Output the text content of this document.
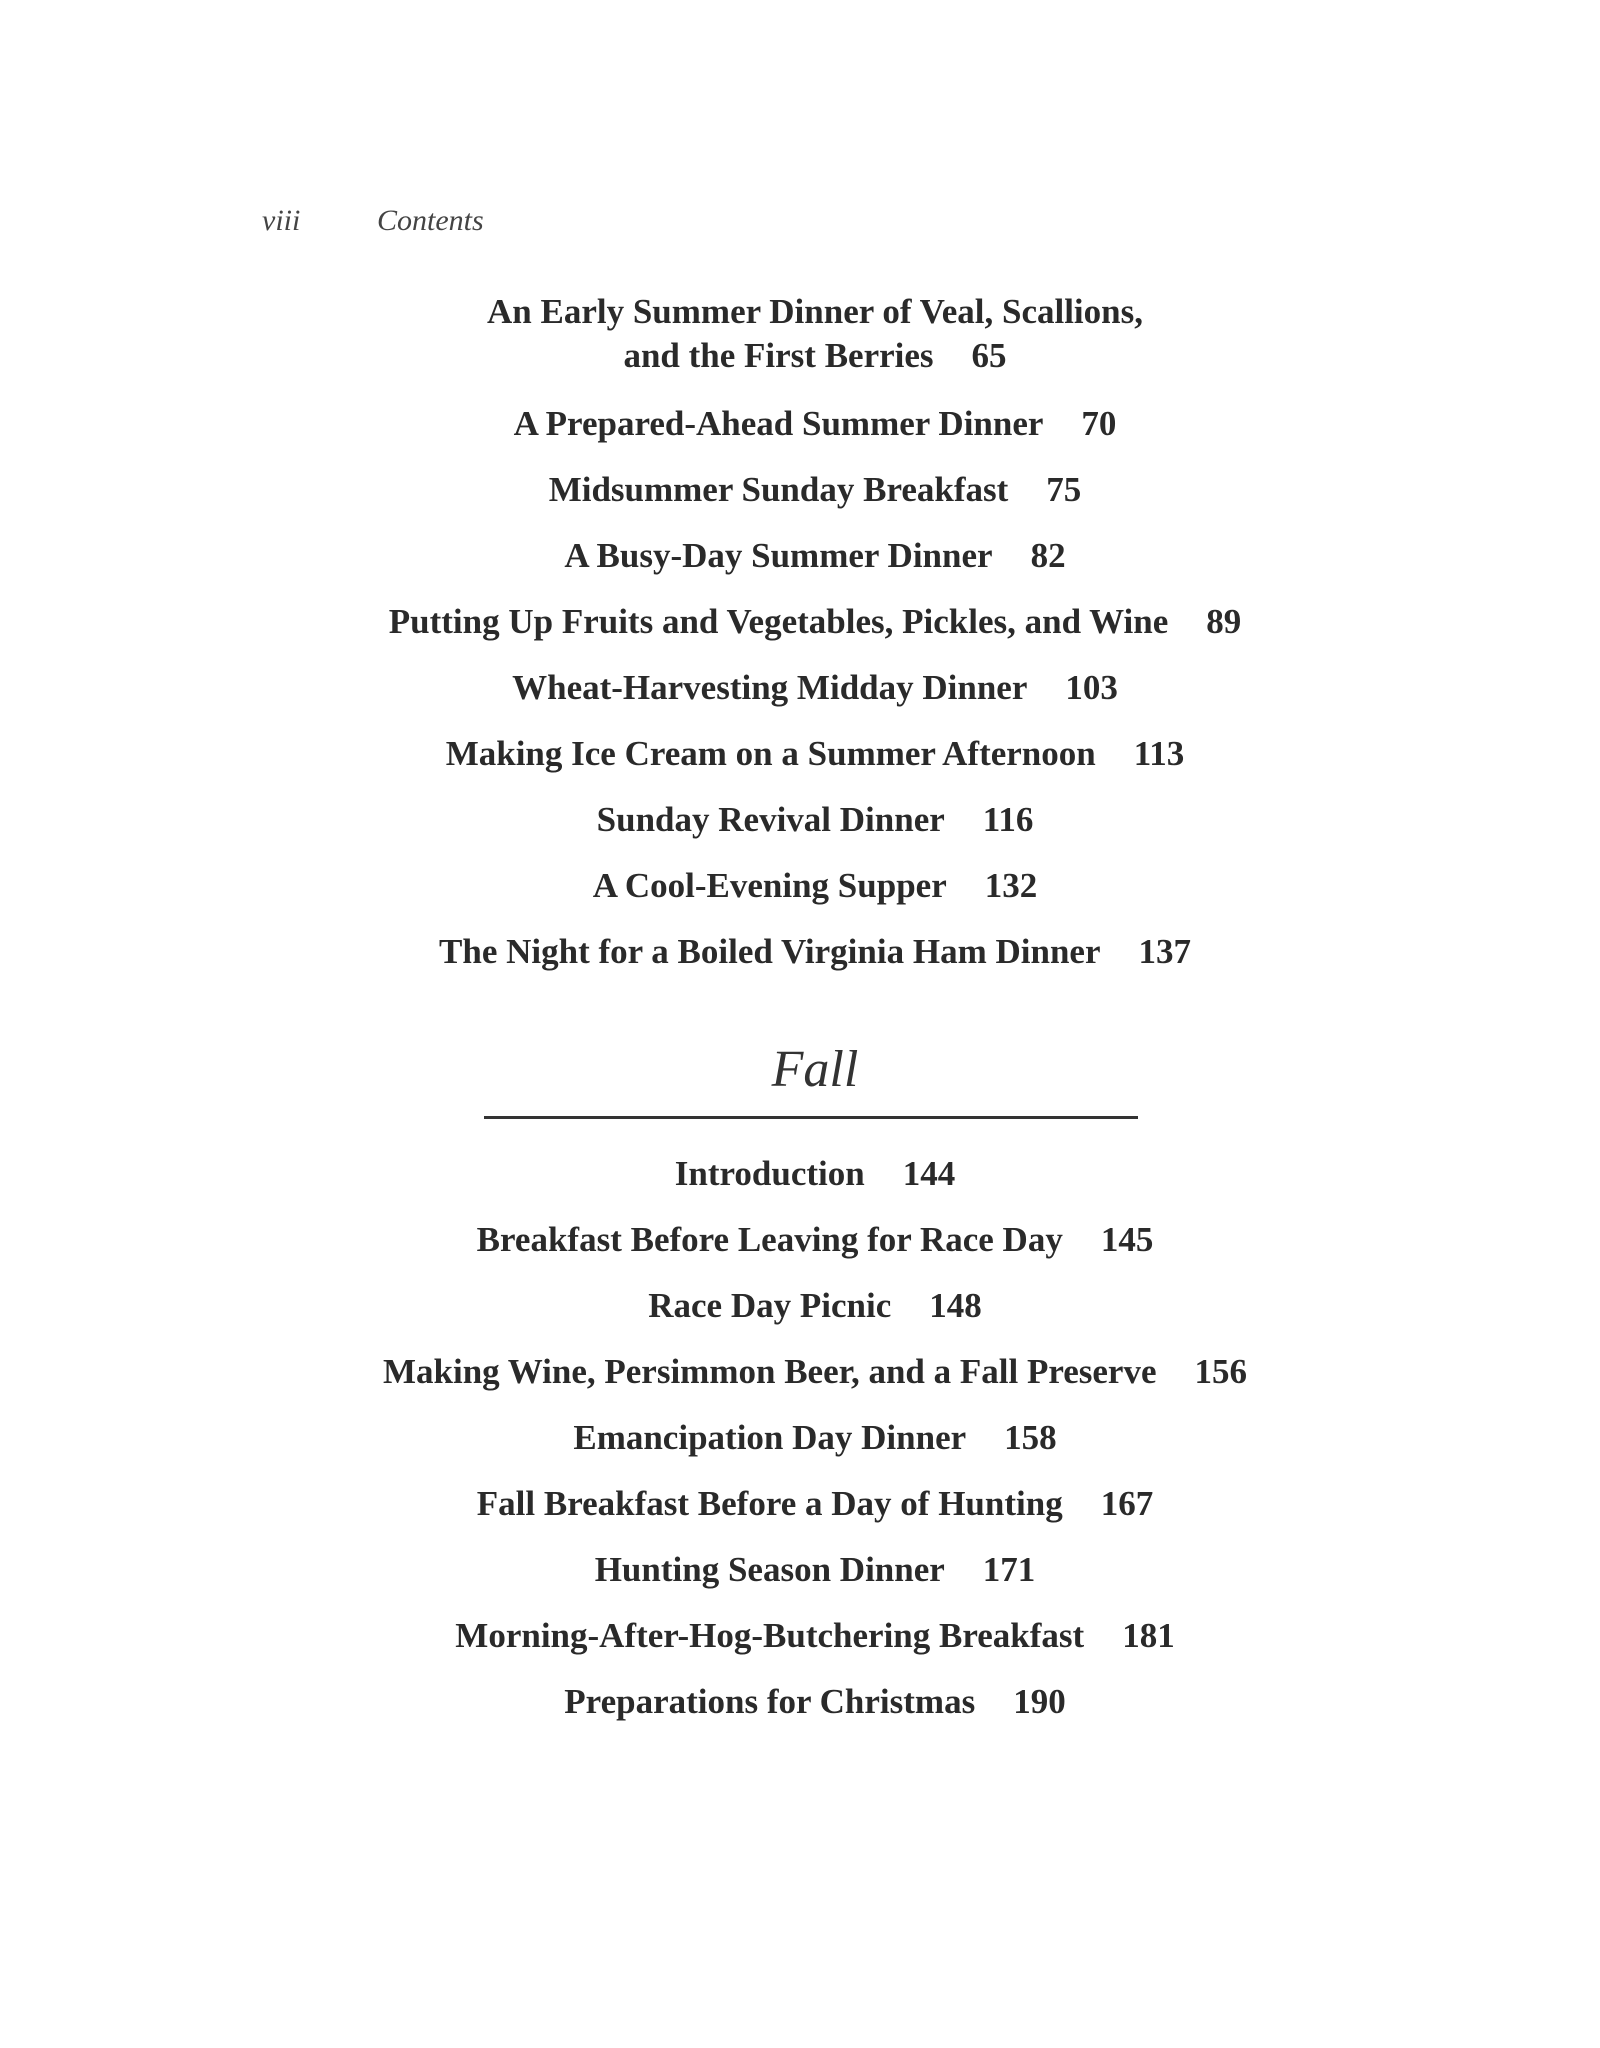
viii	Contents
An Early Summer Dinner of Veal, Scallions,
and the First Berries 65
A Prepared-Ahead Summer Dinner 70
Midsummer Sunday Breakfast 75
A Busy-Day Summer Dinner 82
Putting Up Fruits and Vegetables, Pickles, and Wine 89
Wheat-Harvesting Midday Dinner 103
Making Ice Cream on a Summer Afternoon 113
Sunday Revival Dinner 116
A Cool-Evening Supper 132
The Night for a Boiled Virginia Ham Dinner 137
Fall
Introduction 144
Breakfast Before Leaving for Race Day 145
Race Day Picnic 148
Making Wine, Persimmon Beer, and a Fall Preserve 156
Emancipation Day Dinner 158
Fall Breakfast Before a Day of Hunting 167
Hunting Season Dinner 171
Morning-After-Hog-Butchering Breakfast 181
Preparations for Christmas 190
